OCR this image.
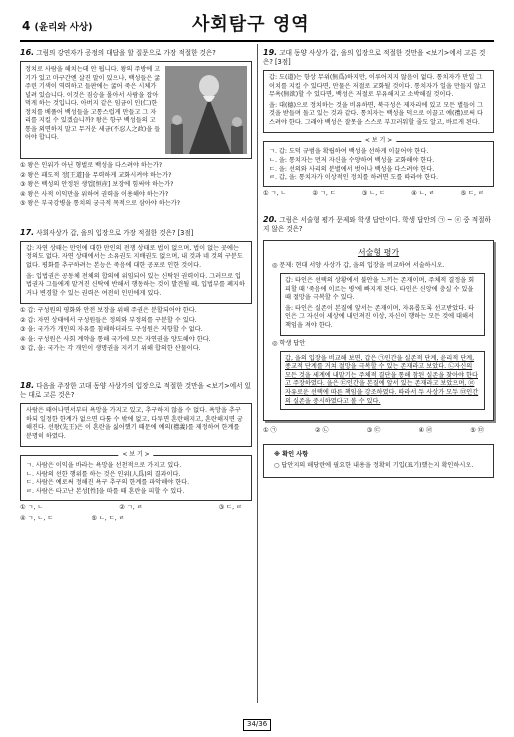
4 (윤리와 사상)	사회탐구 영역
16. 그림의 강연자가 공정의 대답을 할 질문으로 가장 적절한 것은?
정치로 사람을 해치는데 안 됩니다. 왕의 주방에 고기가 있고 마구간엔 살진 말이 있으나, 백성들은 굶주린 기색이 역력하고 들판에는 굶어 죽은 시체가 널려 있습니다. 이것은 짐승을 몰아서 사람을 잡아먹게 하는 것입니다. 아버지 같은 임금이 인(仁)한 정치를 베풀어 백성들을 고통스럽게 만들고 그 자리를 지킬 수 있겠습니까? 왕은 항구 백성들의 고통을 외면하지 말고 무거운 세금(不忍人之政)을 들어야 합니다.
① 왕은 인위가 아닌 형벌로 백성을 다스려야 하는가?
② 왕은 패도적 정[王道]을 무력하게 교화시켜야 하는가?
③ 왕은 백성의 안정된 생업[恒産] 보장에 힘써야 하는가?
④ 왕은 사적 이익만을 위하여 권력을 이용해야 하는가?
⑤ 왕은 부국강병을 통치의 궁극적 목적으로 삼아야 하는가?
17. 사회사상가 갑, 을의 입장으로 가장 적절한 것은? [3점]

갑: 자연 상태는 만인에 대한 만인의 전쟁 상태로 법이 없으며, 법이 없는 곳에는 정의도 없다. 자연 상태에서는 소유권도 지배권도 없으며, 내 것과 네 것의 구분도 없다. 평화를 추구하려는 본능은 죽음에 대한 공포로 인한 것이다.

을: 입법권은 공동체 전체의 합의에 위임되어 있는 신탁된 권력이다. 그러므로 입법권자 그들에게 맡겨진 신탁에 반해서 행동하는 것이 발견될 때, 입법부를 폐지하거나 변경할 수 있는 권력은 여전히 인민에게 있다.

① 갑: 구성원의 평화와 안전 보장을 위해 주권은 분할되어야 한다.
② 갑: 자연 상태에서 구성원들은 정의와 부정의를 구분할 수 있다.
③ 을: 국가가 개인의 자유를 침해하더라도 구성원은 저항할 수 없다.
④ 을: 구성원은 사회 계약을 통해 국가에 모든 자연권을 양도해야 한다.
⑤ 갑, 을: 국가는 각 개인이 생명권을 지키기 위해 합의한 산물이다.
18. 다음을 주장한 고대 동양 사상가의 입장으로 적절한 것만을 <보기>에서 있는 대로 고른 것은?

사람은 태어나면서부터 욕망을 가지고 있고, 추구하지 않을 수 없다. 욕망을 추구하되 일정한 한계가 없으면 다툼 수 밖에 없고, 다투면 혼란해지고, 혼란해지면 궁해진다. 선왕(先王)은 이 혼란을 싫어했기 때문에 예의(禮義)를 제정하여 한계를 분명히 하였다.

< 보 기 >
ㄱ. 사람은 이익을 바라는 욕망을 선천적으로 가지고 있다.
ㄴ. 사람의 선한 행위를 하는 것은 인위(人爲)의 결과이다.
ㄷ. 사람은 예로써 정해진 욕구 추구의 한계를 파악해야 한다.
ㄹ. 사람은 타고난 본성[性]을 따를 때 혼란을 피할 수 있다.
① ㄱ, ㄴ	② ㄱ, ㄹ	③ ㄷ, ㄹ
④ ㄱ, ㄴ, ㄷ	⑤ ㄴ, ㄷ, ㄹ
19. 고대 동양 사상가 갑, 을의 입장으로 적절한 것만을 <보기>에서 고른 것은? [3점]

갑: 도(道)는 항상 무위(無爲)하지만, 이루어지지 않음이 없다. 통치자가 만일 그 이치를 지킬 수 있다면, 만물은 저절로 교화될 것이다. 통치자가 일을 만들지 않고 무욕(無欲)할 수 있다면, 백성은 저절로 부유해지고 소박해질 것이다.

을: 대(德)으로 정치하는 것을 비유하면, 북극성은 제자리에 있고 모든 별들이 그것을 받들며 돌고 있는 것과 같다. 통치자는 백성을 덕으로 이끌고 예(禮)로써 다스려야 한다. 그래야 백성은 잘못을 스스로 부끄러워할 줄도 알고, 바르게 된다.

< 보 기 >
ㄱ. 갑: 도덕 규범을 확립하여 백성을 선하게 이끌어야 한다.
ㄴ. 을: 통치자는 먼저 자신을 수양하여 백성을 교화해야 한다.
ㄷ. 을: 선의와 사리의 분별에서 벗어나 백성을 다스려야 한다.
ㄹ. 갑, 을: 통치자가 이상적인 정치를 하려면 도를 따라야 한다.
① ㄱ, ㄴ	② ㄱ, ㄷ	③ ㄴ, ㄷ	④ ㄴ, ㄹ	⑤ ㄷ, ㄹ
20. 그림은 서술형 평가 문제와 학생 답안이다. 학생 답안의 ㉠ ~ ⓔ 중 적절하지 않은 것은?
서술형 평가
◎ 문제: 현대 서양 사상가 갑, 을의 입장을 비교하여 서술하시오.

갑: 타인은 선택의 상황에서 불안을 느끼는 존재이며, 주체적 결정을 회피할 때 '죽음에 이르는 병'에 빠지게 된다. 타인은 신앙에 충실 수 있을 때 절망을 극복할 수 있다.

을: 타인은 실존이 본질에 앞서는 존재이며, 자유롭도록 선고받았다. 타인은 그 자신이 세상에 내던져진 이상, 자신이 행하는 모든 것에 대해서 책임을 져야 한다.

◎ 학생 답안
갑, 을의 입장을 비교해 보면, 갑은 ㉠인간을 실존적 단계, 윤리적 단계, 종교적 단계를 거쳐 절망을 극복할 수 있는 존재라고 보았다. ㉡자신의 모든 것을 세계에 내맡기는 주체적 결단을 통해 참된 실존을 찾아야 한다고 주장하였다. 을은 ㉢인간을 본질에 앞서 있는 존재라고 보았으며, ㉣자유로운 선택에 따른 책임을 강조하였다. 따라서 두 사상가 모두 ㉤인간의 실존을 중시하였다고 볼 수 있다.
① ㉠	② ㉡	③ ㉢	④ ㉣	⑤ ㉤
※ 확인 사항

○ 답안지의 해당란에 필요한 내용을 정확히 기입(표기)했는지 확인하시오.

34/36
